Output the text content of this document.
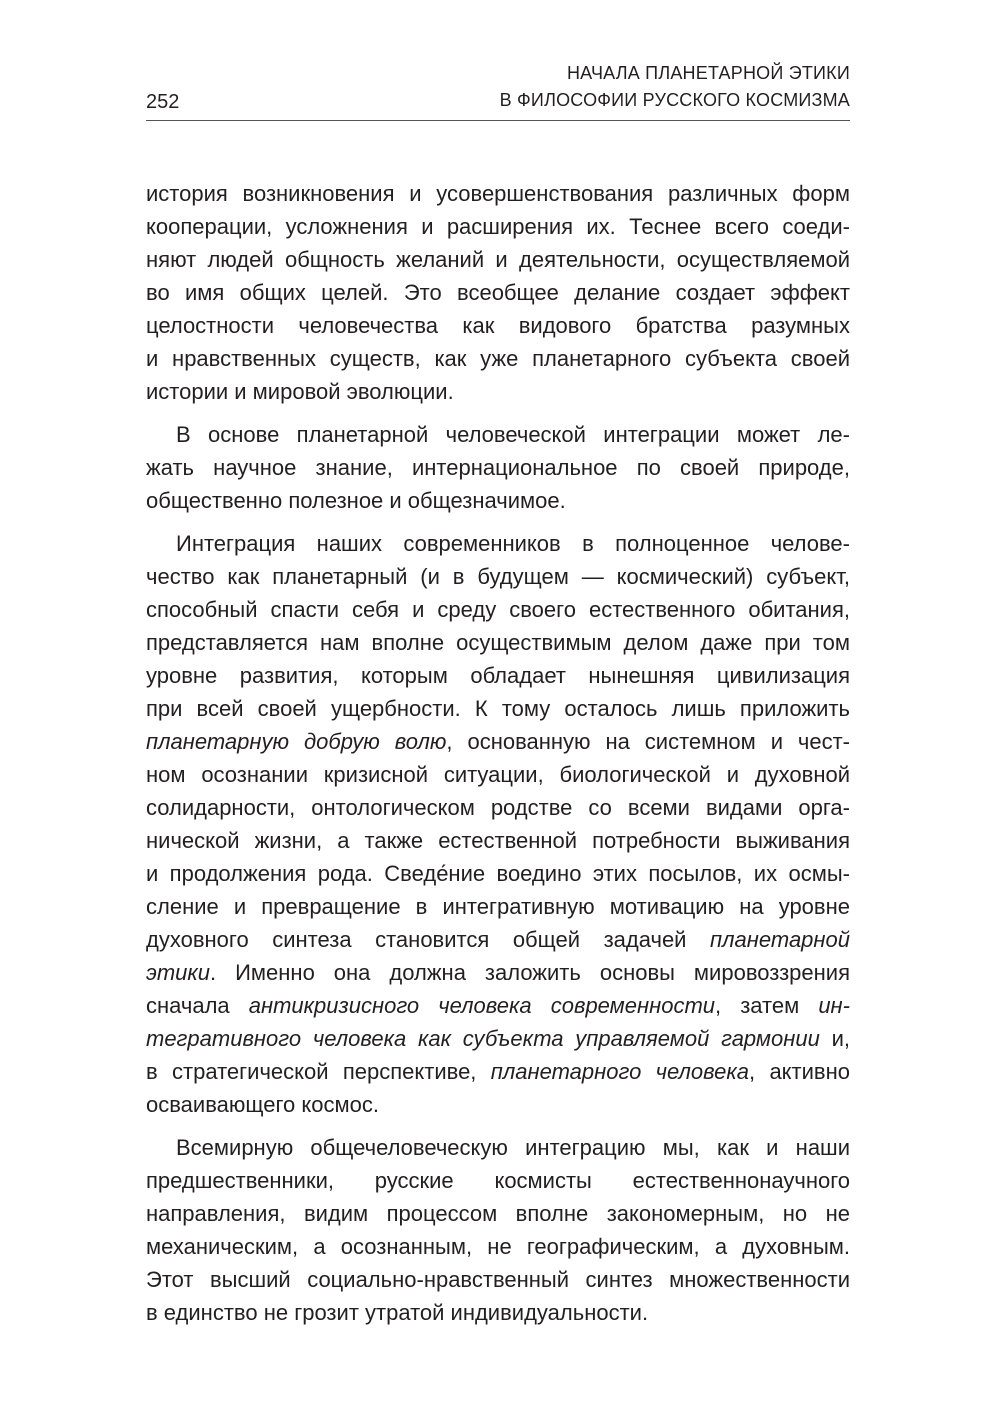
252
НАЧАЛА ПЛАНЕТАРНОЙ ЭТИКИ
В ФИЛОСОФИИ РУССКОГО КОСМИЗМА

история возникновения и усовершенствования различных форм
кооперации, усложнения и расширения их. Теснее всего соеди-
няют людей общность желаний и деятельности, осуществляемой
во имя общих целей. Это всеобщее делание создает эффект
целостности человечества как видового братства разумных
и нравственных существ, как уже планетарного субъекта своей
истории и мировой эволюции.

В основе планетарной человеческой интеграции может ле-
жать научное знание, интернациональное по своей природе,
общественно полезное и общезначимое.

Интеграция наших современников в полноценное челове-
чество как планетарный (и в будущем — космический) субъект,
способный спасти себя и среду своего естественного обитания,
представляется нам вполне осуществимым делом даже при том
уровне развития, которым обладает нынешняя цивилизация
при всей своей ущербности. К тому осталось лишь приложить
планетарную добрую волю, основанную на системном и чест-
ном осознании кризисной ситуации, биологической и духовной
солидарности, онтологическом родстве со всеми видами орга-
нической жизни, а также естественной потребности выживания
и продолжения рода. Сведе́ние воедино этих посылов, их осмы-
сление и превращение в интегративную мотивацию на уровне
духовного синтеза становится общей задачей планетарной
этики. Именно она должна заложить основы мировоззрения
сначала антикризисного человека современности, затем ин-
тегративного человека как субъекта управляемой гармонии и,
в стратегической перспективе, планетарного человека, активно
осваивающего космос.

Всемирную общечеловеческую интеграцию мы, как и наши
предшественники, русские космисты естественнонаучного
направления, видим процессом вполне закономерным, но не
механическим, а осознанным, не географическим, а духовным.
Этот высший социально-нравственный синтез множественности
в единство не грозит утратой индивидуальности.
